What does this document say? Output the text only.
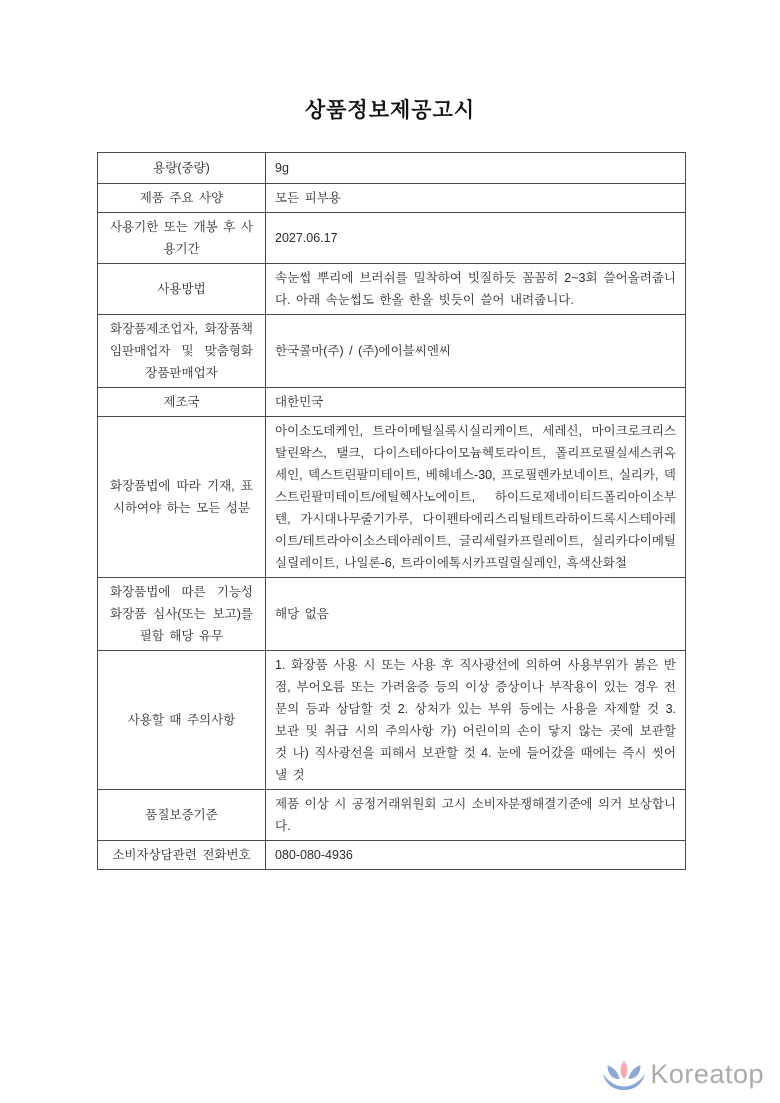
상품정보제공고시
용량(중량)	9g
제품 주요 사양	모든 피부용
사용기한 또는 개봉 후 사용기간	2027.06.17
사용방법	속눈썹 뿌리에 브러쉬를 밀착하여 빗질하듯 꼼꼼히 2~3회 쓸어올려줍니다. 아래 속눈썹도 한올 한올 빗듯이 쓸어 내려줍니다.
화장품제조업자, 화장품책임판매업자 및 맞춤형화장품판매업자	한국콜마(주) / (주)에이블씨엔씨
제조국	대한민국
화장품법에 따라 기재, 표시하여야 하는 모든 성분	아이소도데케인, 트라이메틸실록시실리케이트, 세레신, 마이크로크리스탈린왁스, 탤크, 다이스테아다이모늄헥토라이트, 폴리프로필실세스퀴옥세인, 덱스트린팔미테이트, 베헤네스-30, 프로필렌카보네이트, 실리카, 덱스트린팔미테이트/에틸헥사노에이트, 하이드로제네이티드폴리아이소부텐, 가시대나무줄기가루, 다이펜타에리스리틸테트라하이드록시스테아레이트/테트라아이소스테아레이트, 글리세릴카프릴레이트, 실리카다이메틸실릴레이트, 나일론-6, 트라이에톡시카프릴릴실레인, 흑색산화철
화장품법에 따른 기능성 화장품 심사(또는 보고)를 필함 해당 유무	해당 없음
사용할 때 주의사항	1. 화장품 사용 시 또는 사용 후 직사광선에 의하여 사용부위가 붉은 반점, 부어오름 또는 가려움증 등의 이상 증상이나 부작용이 있는 경우 전문의 등과 상담할 것 2. 상처가 있는 부위 등에는 사용을 자제할 것 3. 보관 및 취급 시의 주의사항 가) 어린이의 손이 닿지 않는 곳에 보관할 것 나) 직사광선을 피해서 보관할 것 4. 눈에 들어갔을 때에는 즉시 씻어낼 것
품질보증기준	제품 이상 시 공정거래위원회 고시 소비자분쟁해결기준에 의거 보상합니다.
소비자상담관련 전화번호	080-080-4936
Koreatop
